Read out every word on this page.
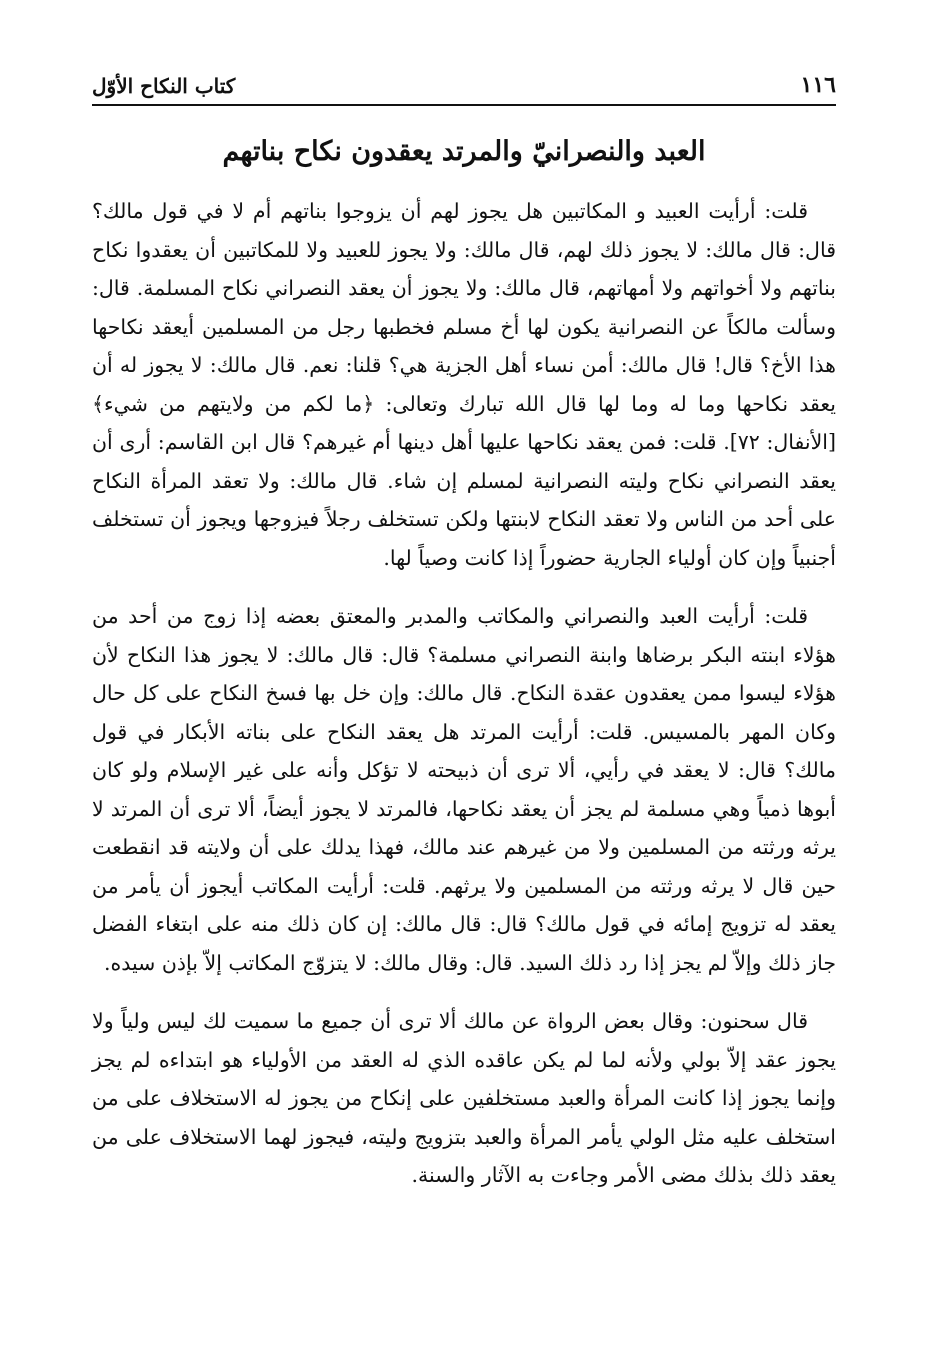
١١٦
كتاب النكاح الأوّل
العبد والنصرانيّ والمرتد يعقدون نكاح بناتهم

قلت: أرأيت العبيد و المكاتبين هل يجوز لهم أن يزوجوا بناتهم أم لا في قول مالك؟ قال: قال مالك: لا يجوز ذلك لهم، قال مالك: ولا يجوز للعبيد ولا للمكاتبين أن يعقدوا نكاح بناتهم ولا أخواتهم ولا أمهاتهم، قال مالك: ولا يجوز أن يعقد النصراني نكاح المسلمة. قال: وسألت مالكاً عن النصرانية يكون لها أخ مسلم فخطبها رجل من المسلمين أيعقد نكاحها هذا الأخ؟ قال! قال مالك: أمن نساء أهل الجزية هي؟ قلنا: نعم. قال مالك: لا يجوز له أن يعقد نكاحها وما له وما لها قال الله تبارك وتعالى: ﴿ما لكم من ولايتهم من شيء﴾ [الأنفال: ٧٢]. قلت: فمن يعقد نكاحها عليها أهل دينها أم غيرهم؟ قال ابن القاسم: أرى أن يعقد النصراني نكاح وليته النصرانية لمسلم إن شاء. قال مالك: ولا تعقد المرأة النكاح على أحد من الناس ولا تعقد النكاح لابنتها ولكن تستخلف رجلاً فيزوجها ويجوز أن تستخلف أجنبياً وإن كان أولياء الجارية حضوراً إذا كانت وصياً لها.

قلت: أرأيت العبد والنصراني والمكاتب والمدبر والمعتق بعضه إذا زوج من أحد من هؤلاء ابنته البكر برضاها وابنة النصراني مسلمة؟ قال: قال مالك: لا يجوز هذا النكاح لأن هؤلاء ليسوا ممن يعقدون عقدة النكاح. قال مالك: وإن خل بها فسخ النكاح على كل حال وكان المهر بالمسيس. قلت: أرأيت المرتد هل يعقد النكاح على بناته الأبكار في قول مالك؟ قال: لا يعقد في رأيي، ألا ترى أن ذبيحته لا تؤكل وأنه على غير الإسلام ولو كان أبوها ذمياً وهي مسلمة لم يجز أن يعقد نكاحها، فالمرتد لا يجوز أيضاً، ألا ترى أن المرتد لا يرثه ورثته من المسلمين ولا من غيرهم عند مالك، فهذا يدلك على أن ولايته قد انقطعت حين قال لا يرثه ورثته من المسلمين ولا يرثهم. قلت: أرأيت المكاتب أيجوز أن يأمر من يعقد له تزويج إمائه في قول مالك؟ قال: قال مالك: إن كان ذلك منه على ابتغاء الفضل جاز ذلك وإلاّ لم يجز إذا رد ذلك السيد. قال: وقال مالك: لا يتزوّج المكاتب إلاّ بإذن سيده.

قال سحنون: وقال بعض الرواة عن مالك ألا ترى أن جميع ما سميت لك ليس ولياً ولا يجوز عقد إلاّ بولي ولأنه لما لم يكن عاقده الذي له العقد من الأولياء هو ابتداءه لم يجز وإنما يجوز إذا كانت المرأة والعبد مستخلفين على إنكاح من يجوز له الاستخلاف على من استخلف عليه مثل الولي يأمر المرأة والعبد بتزويج وليته، فيجوز لهما الاستخلاف على من يعقد ذلك بذلك مضى الأمر وجاءت به الآثار والسنة.
